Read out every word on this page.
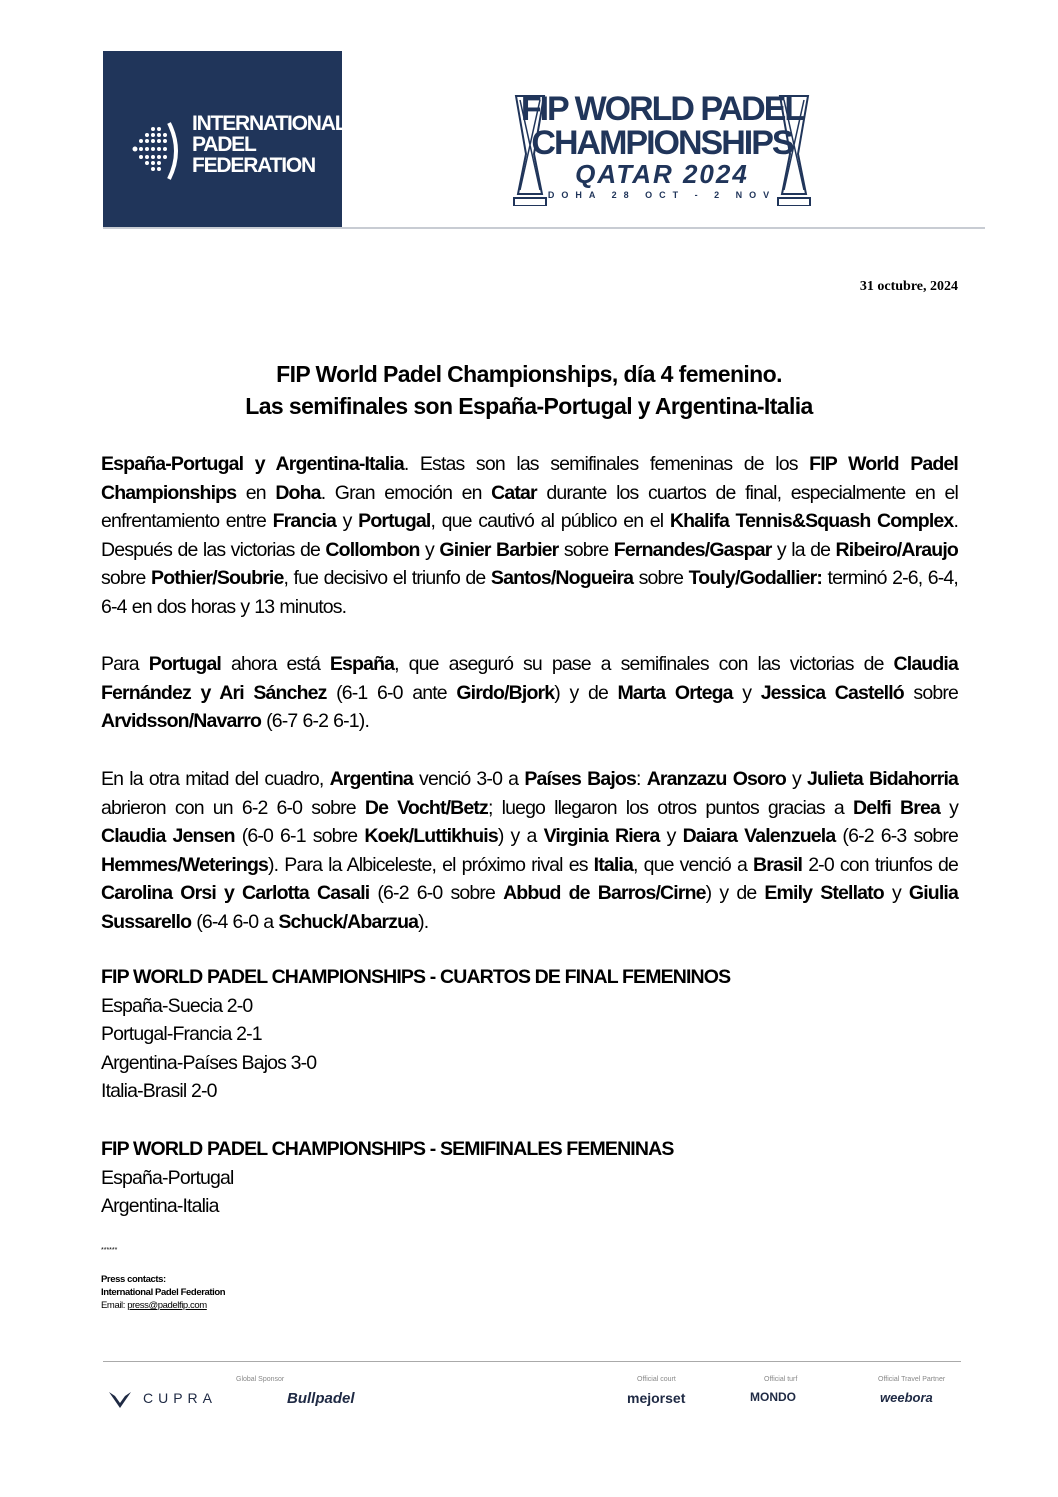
INTERNATIONAL
PADEL
FEDERATION
FIP WORLD PADEL
CHAMPIONSHIPS
QATAR 2024
DOHA 28 OCT - 2 NOV
31 octubre, 2024
FIP World Padel Championships, día 4 femenino.
Las semifinales son España-Portugal y Argentina-Italia
España-Portugal y Argentina-Italia. Estas son las semifinales femeninas de los FIP World Padel Championships en Doha. Gran emoción en Catar durante los cuartos de final, especialmente en el enfrentamiento entre Francia y Portugal, que cautivó al público en el Khalifa Tennis&Squash Complex. Después de las victorias de Collombon y Ginier Barbier sobre Fernandes/Gaspar y la de Ribeiro/Araujo sobre Pothier/Soubrie, fue decisivo el triunfo de Santos/Nogueira sobre Touly/Godallier: terminó 2-6, 6-4, 6-4 en dos horas y 13 minutos.
Para Portugal ahora está España, que aseguró su pase a semifinales con las victorias de Claudia Fernández y Ari Sánchez (6-1 6-0 ante Girdo/Bjork) y de Marta Ortega y Jessica Castelló sobre Arvidsson/Navarro (6-7 6-2 6-1).
En la otra mitad del cuadro, Argentina venció 3-0 a Países Bajos: Aranzazu Osoro y Julieta Bidahorria abrieron con un 6-2 6-0 sobre De Vocht/Betz; luego llegaron los otros puntos gracias a Delfi Brea y Claudia Jensen (6-0 6-1 sobre Koek/Luttikhuis) y a Virginia Riera y Daiara Valenzuela (6-2 6-3 sobre Hemmes/Weterings). Para la Albiceleste, el próximo rival es Italia, que venció a Brasil 2-0 con triunfos de Carolina Orsi y Carlotta Casali (6-2 6-0 sobre Abbud de Barros/Cirne) y de Emily Stellato y Giulia Sussarello (6-4 6-0 a Schuck/Abarzua).
FIP WORLD PADEL CHAMPIONSHIPS - CUARTOS DE FINAL FEMENINOS
España-Suecia 2-0
Portugal-Francia 2-1
Argentina-Países Bajos 3-0
Italia-Brasil 2-0
FIP WORLD PADEL CHAMPIONSHIPS - SEMIFINALES FEMENINAS
España-Portugal
Argentina-Italia
******
Press contacts:
International Padel Federation
Email: press@padelfip.com
Global Sponsor	Official court	Official turf	Official Travel Partner
CUPRA	Bullpadel	mejorset	MONDO	weebora
